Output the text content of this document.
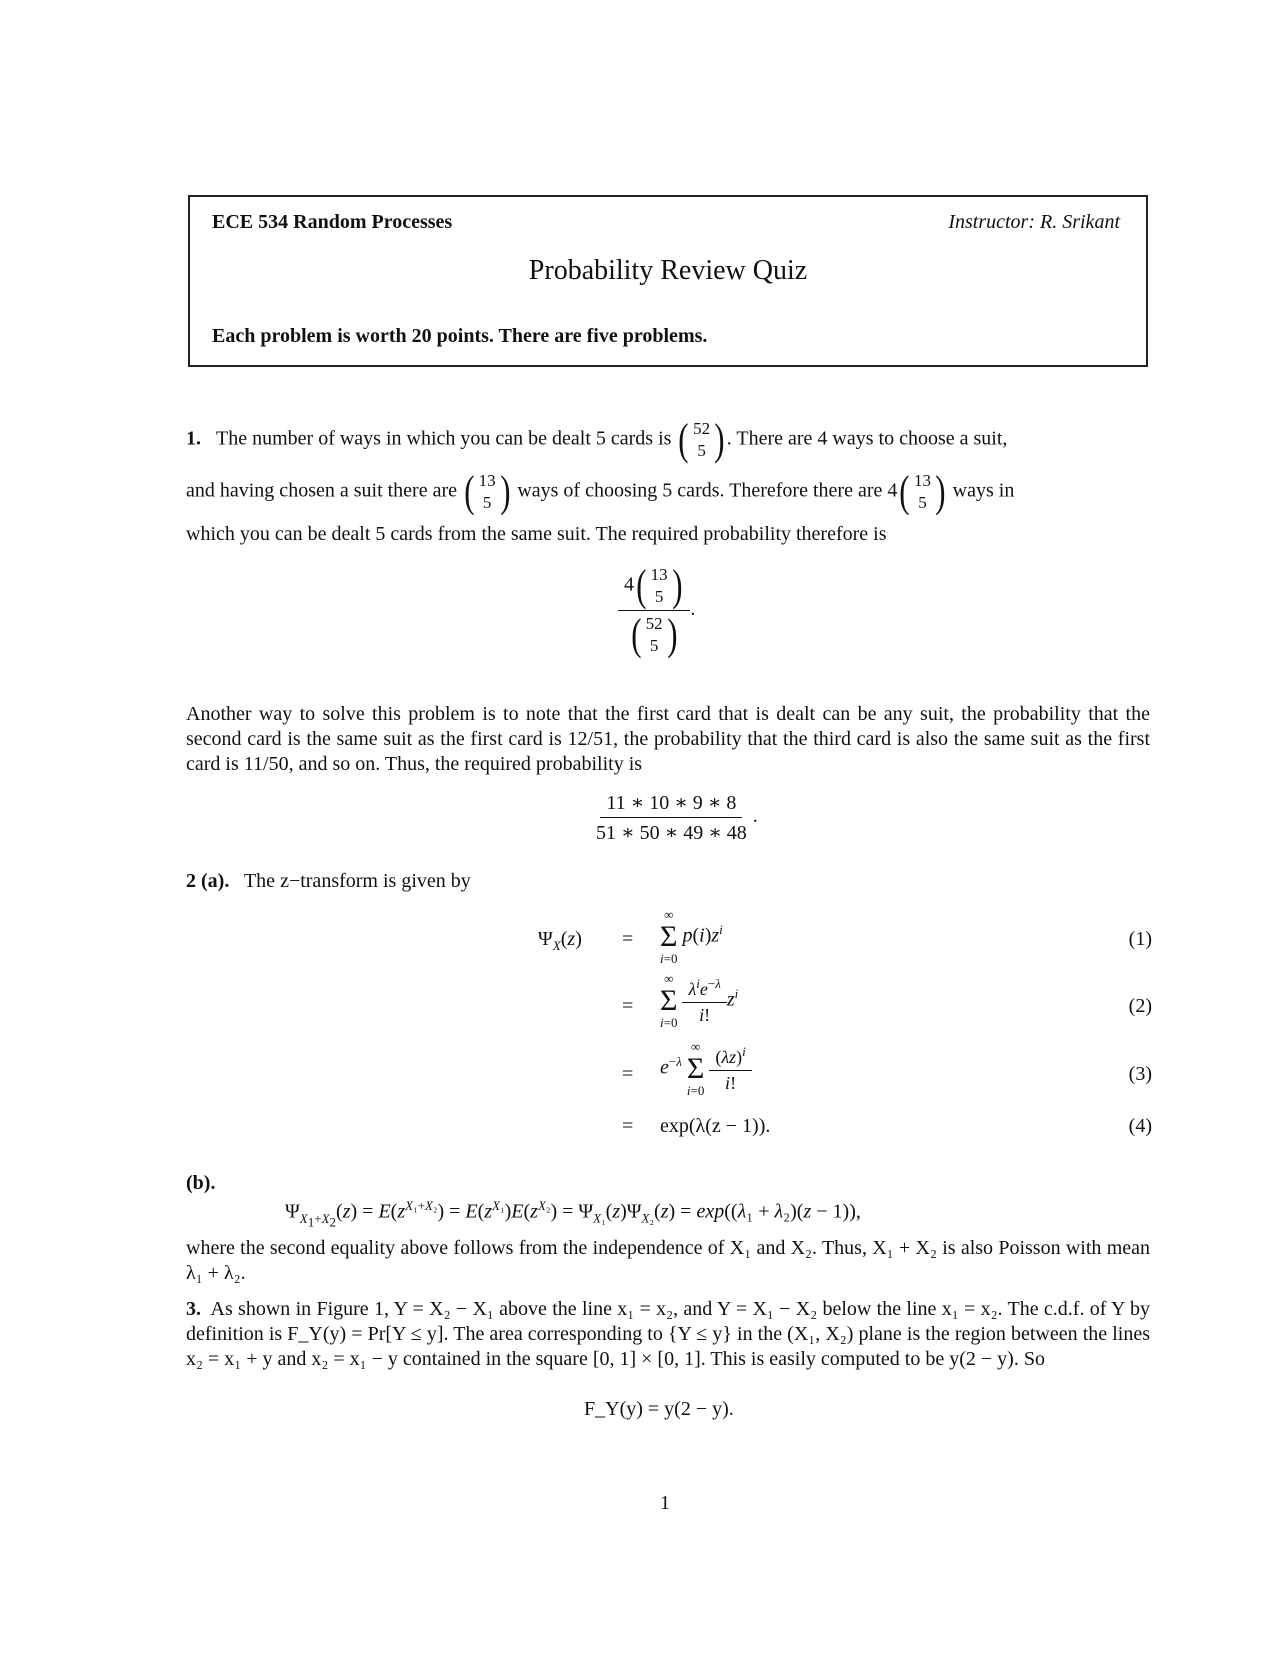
ECE 534 Random Processes	Instructor: R. Srikant
Probability Review Quiz
Each problem is worth 20 points. There are five problems.
1. The number of ways in which you can be dealt 5 cards is ( 52
5 ) . There are 4 ways to choose a suit,
and having chosen a suit there are ( 13
5 ) ways of choosing 5 cards. Therefore there are 4 ( 13
5 ) ways in
which you can be dealt 5 cards from the same suit. The required probability therefore is
4 ( 13
5 )
( 52
5 ) .
Another way to solve this problem is to note that the first card that is dealt can be any suit, the probability that the second card is the same suit as the first card is 12/51, the probability that the third card is also the same suit as the first card is 11/50, and so on. Thus, the required probability is
$\frac{11 ∗ 10 ∗ 9 ∗ 8}{51 ∗ 50 ∗ 49 ∗ 48}$ .
2 (a). The z−transform is given by
$\Psi_X(z)$ =
∞
Σ
i=0
$p(i)z^i$	(1)
=
∞
Σ
i=0
$\frac{\lambda^ie^{-\lambda}}{i!} z^i$
(2)
= $e^{-\lambda}$
∞
Σ
i=0
$\frac{(\lambda z)^i}{i!}$	(3)
= exp(λ(z − 1)).	(4)
(b).
$\Psi_{X_1+X_2}(z) = E(z^{X_1+X_2}) = E(z^{X_1})E(z^{X_2}) = \Psi_{X_1}(z)\Psi_{X_2}(z) = \exp((\lambda_1 + \lambda_2)(z - 1))$,
where the second equality above follows from the independence of X₁ and X₂. Thus, X₁ + X₂ is also Poisson with mean λ₁ + λ₂.
3. As shown in Figure 1, Y = X₂ − X₁ above the line x₁ = x₂, and Y = X₁ − X₂ below the line x₁ = x₂. The c.d.f. of Y by definition is F_Y(y) = Pr[Y ≤ y]. The area corresponding to {Y ≤ y} in the (X₁, X₂) plane is the region between the lines x₂ = x₁ + y and x₂ = x₁ − y contained in the square [0, 1] × [0, 1]. This is easily computed to be y(2 − y). So
F_Y(y) = y(2 − y).
1
